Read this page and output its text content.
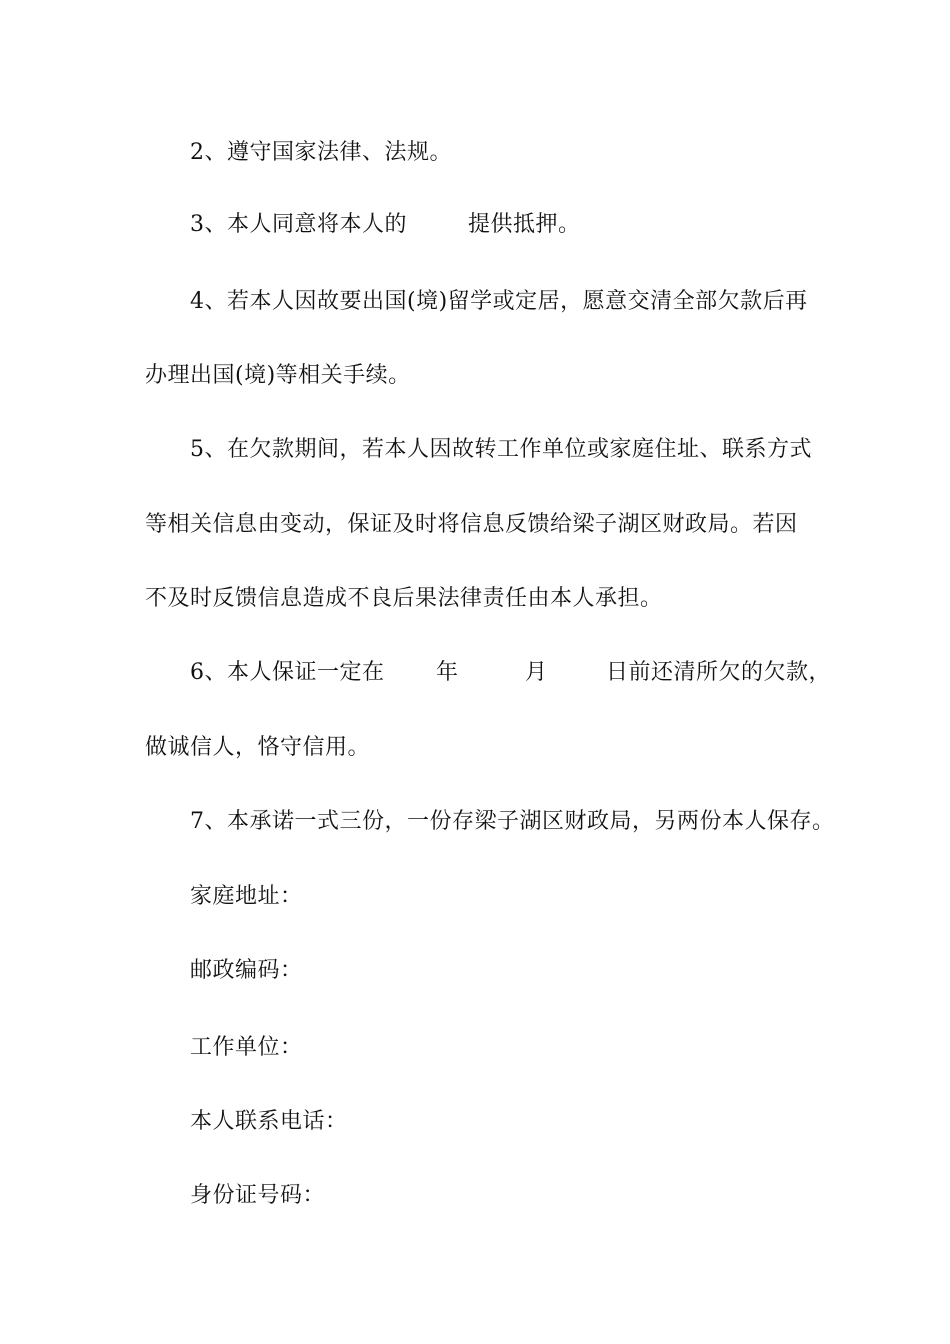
2、遵守国家法律、法规。
3、本人同意将本人的	提供抵押。
4、若本人因故要出国(境)留学或定居，愿意交清全部欠款后再
办理出国(境)等相关手续。
5、在欠款期间，若本人因故转工作单位或家庭住址、联系方式
等相关信息由变动，保证及时将信息反馈给梁子湖区财政局。若因
不及时反馈信息造成不良后果法律责任由本人承担。
6、本人保证一定在 年	月	日前还清所欠的欠款，
做诚信人，恪守信用。
7、本承诺一式三份，一份存梁子湖区财政局，另两份本人保存。
家庭地址：
邮政编码：
工作单位：
本人联系电话：
身份证号码：
